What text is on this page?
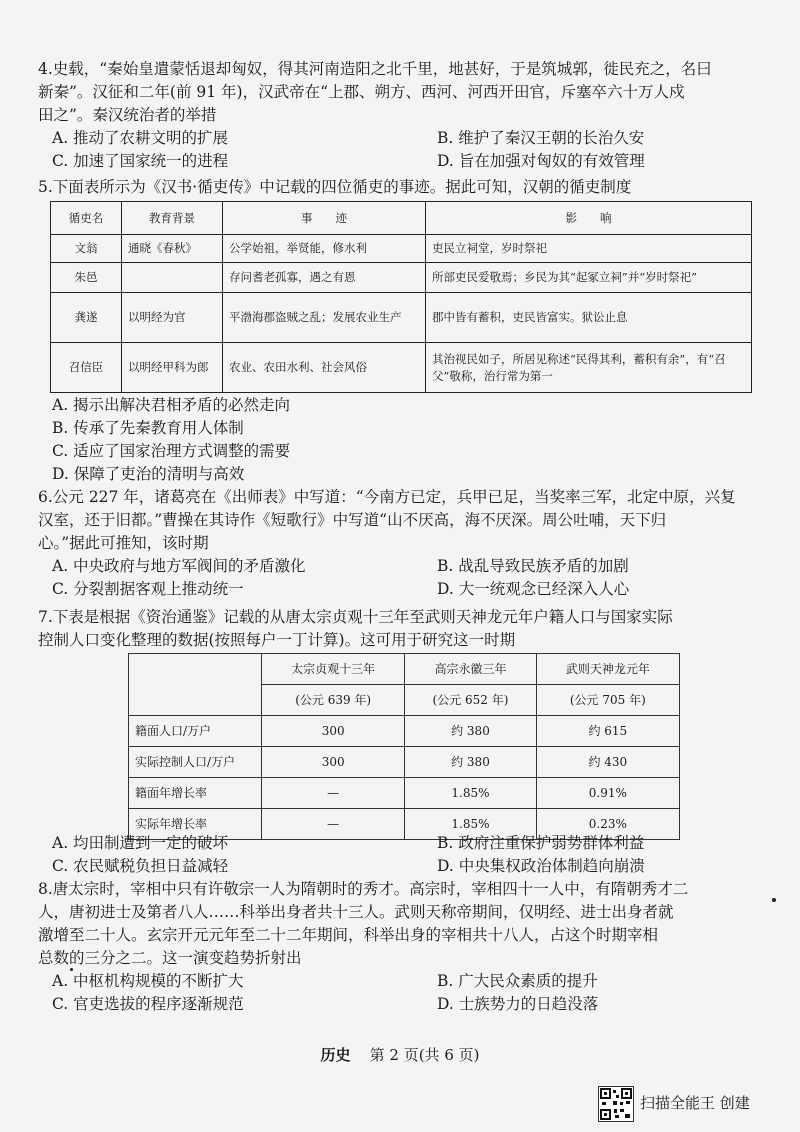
4.史载，“秦始皇遣蒙恬退却匈奴，得其河南造阳之北千里，地甚好，于是筑城郭，徙民充之，名曰
新秦”。汉征和二年(前 91 年)，汉武帝在“上郡、朔方、西河、河西开田官，斥塞卒六十万人戍
田之”。秦汉统治者的举措
A. 推动了农耕文明的扩展	B. 维护了秦汉王朝的长治久安
C. 加速了国家统一的进程	D. 旨在加强对匈奴的有效管理
5.下面表所示为《汉书·循吏传》中记载的四位循吏的事迹。据此可知，汉朝的循吏制度
循吏名	教育背景	事　　迹	影　　响
文翁	通晓《春秋》	公学始祖，举贤能，修水利	吏民立祠堂，岁时祭祀
朱邑		存问耆老孤寡，遇之有恩	所部吏民爱敬焉；乡民为其“起冢立祠”并“岁时祭祀”
龚遂	以明经为官	平渤海郡盗贼之乱；发展农业生产	郡中皆有蓄积，吏民皆富实。狱讼止息
召信臣	以明经甲科为郎	农业、农田水利、社会风俗	其治视民如子，所居见称述“民得其利，蓄积有余”，有“召父”敬称，治行常为第一
A. 揭示出解决君相矛盾的必然走向
B. 传承了先秦教育用人体制
C. 适应了国家治理方式调整的需要
D. 保障了吏治的清明与高效
6.公元 227 年，诸葛亮在《出师表》中写道：“今南方已定，兵甲已足，当奖率三军，北定中原，兴复
汉室，还于旧都。”曹操在其诗作《短歌行》中写道“山不厌高，海不厌深。周公吐哺，天下归
心。”据此可推知，该时期
A. 中央政府与地方军阀间的矛盾激化	B. 战乱导致民族矛盾的加剧
C. 分裂割据客观上推动统一	D. 大一统观念已经深入人心
7.下表是根据《资治通鉴》记载的从唐太宗贞观十三年至武则天神龙元年户籍人口与国家实际
控制人口变化整理的数据(按照每户一丁计算)。这可用于研究这一时期
	太宗贞观十三年	高宗永徽三年	武则天神龙元年
	(公元 639 年)	(公元 652 年)	(公元 705 年)
籍面人口/万户	300	约 380	约 615
实际控制人口/万户	300	约 380	约 430
籍面年增长率	—	1.85%	0.91%
实际年增长率	—	1.85%	0.23%
A. 均田制遭到一定的破坏	B. 政府注重保护弱势群体利益
C. 农民赋税负担日益减轻	D. 中央集权政治体制趋向崩溃
8.唐太宗时，宰相中只有许敬宗一人为隋朝时的秀才。高宗时，宰相四十一人中，有隋朝秀才二
人，唐初进士及第者八人……科举出身者共十三人。武则天称帝期间，仅明经、进士出身者就
激增至二十人。玄宗开元元年至二十二年期间，科举出身的宰相共十八人，占这个时期宰相
总数的三分之二。这一演变趋势折射出
A. 中枢机构规模的不断扩大	B. 广大民众素质的提升
C. 官吏选拔的程序逐渐规范	D. 士族势力的日趋没落
历史 第 2 页(共 6 页)
扫描全能王 创建
